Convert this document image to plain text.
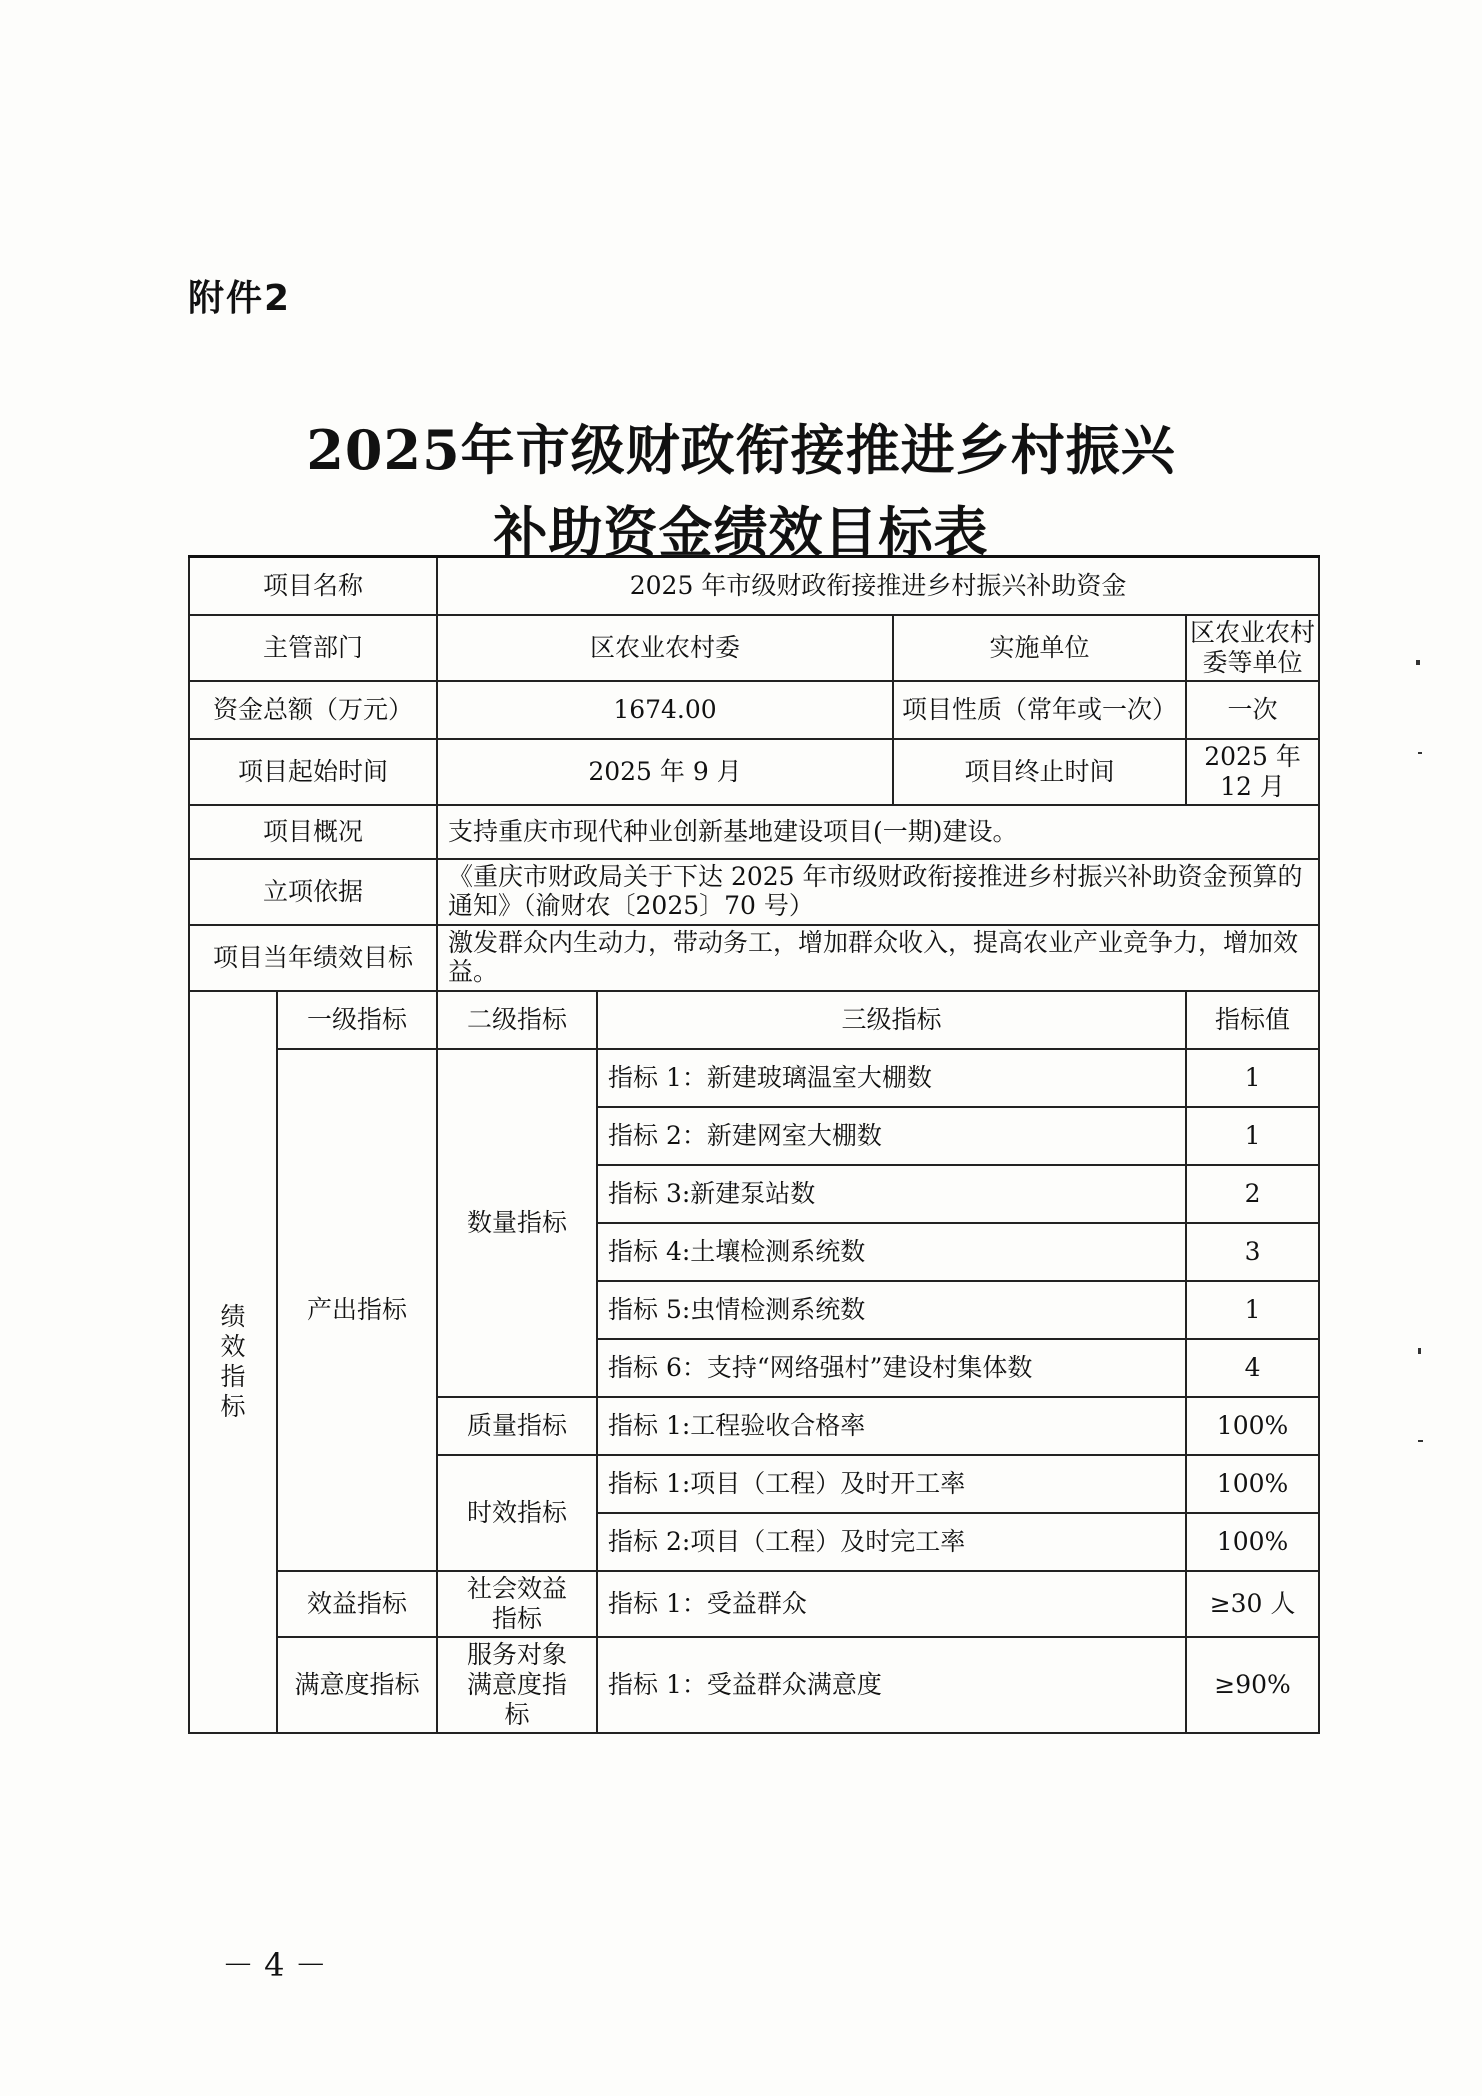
附件2
2025年市级财政衔接推进乡村振兴
补助资金绩效目标表
项目名称		2025 年市级财政衔接推进乡村振兴补助资金			
主管部门		区农业农村委		实施单位	区农业农村委等单位
资金总额（万元）		1674.00		项目性质（常年或一次）	一次
项目起始时间		2025 年 9 月		项目终止时间	2025 年 12 月
项目概况		支持重庆市现代种业创新基地建设项目(一期)建设。			
立项依据		《重庆市财政局关于下达 2025 年市级财政衔接推进乡村振兴补助资金预算的通知》（渝财农〔2025〕70 号）			
项目当年绩效目标		激发群众内生动力，带动务工，增加群众收入，提高农业产业竞争力，增加效益。			
绩效指标	一级指标	二级指标	三级指标		指标值
	产出指标	数量指标	指标 1：新建玻璃温室大棚数		1
			指标 2：新建网室大棚数		1
			指标 3:新建泵站数		2
			指标 4:土壤检测系统数		3
			指标 5:虫情检测系统数		1
			指标 6：支持“网络强村”建设村集体数		4
		质量指标	指标 1:工程验收合格率		100%
		时效指标	指标 1:项目（工程）及时开工率		100%
			指标 2:项目（工程）及时完工率		100%
	效益指标	社会效益指标	指标 1：受益群众		≥30 人
	满意度指标	服务对象满意度指标	指标 1：受益群众满意度		≥90%
－ 4 －
